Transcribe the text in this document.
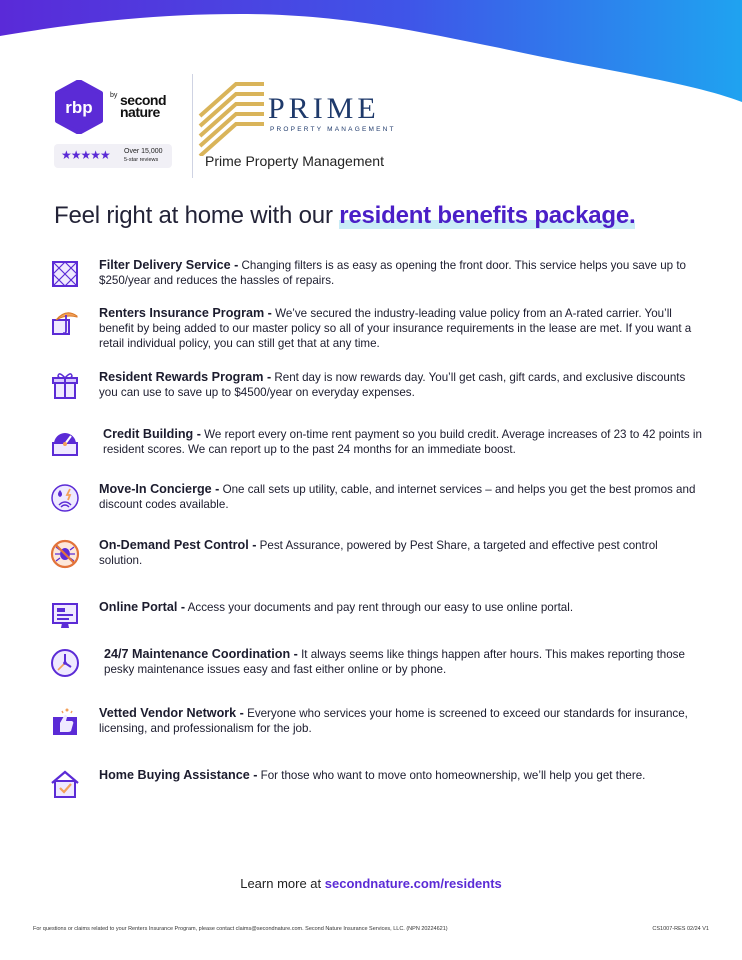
rbp
by second
nature
★★★★★ Over 15,000
5-star reviews
PRIME
PROPERTY MANAGEMENT
Prime Property Management
Feel right at home with our resident benefits package.
Filter Delivery Service - Changing filters is as easy as opening the front door. This service helps you save up to $250/year and reduces the hassles of repairs.
Renters Insurance Program - We’ve secured the industry-leading value policy from an A-rated carrier. You’ll benefit by being added to our master policy so all of your insurance requirements in the lease are met. If you want a retail individual policy, you can still get that at any time.
Resident Rewards Program - Rent day is now rewards day. You’ll get cash, gift cards, and exclusive discounts you can use to save up to $4500/year on everyday expenses.
Credit Building - We report every on-time rent payment so you build credit. Average increases of 23 to 42 points in resident scores. We can report up to the past 24 months for an immediate boost.
Move-In Concierge - One call sets up utility, cable, and internet services – and helps you get the best promos and discount codes available.
On-Demand Pest Control - Pest Assurance, powered by Pest Share, a targeted and effective pest control solution.
Online Portal - Access your documents and pay rent through our easy to use online portal.
24/7 Maintenance Coordination - It always seems like things happen after hours. This makes reporting those pesky maintenance issues easy and fast either online or by phone.
Vetted Vendor Network - Everyone who services your home is screened to exceed our standards for insurance, licensing, and professionalism for the job.
Home Buying Assistance - For those who want to move onto homeownership, we’ll help you get there.
Learn more at secondnature.com/residents
For questions or claims related to your Renters Insurance Program, please contact claims@secondnature.com. Second Nature Insurance Services, LLC. (NPN 20224621)	CS1007-RES 02/24 V1
